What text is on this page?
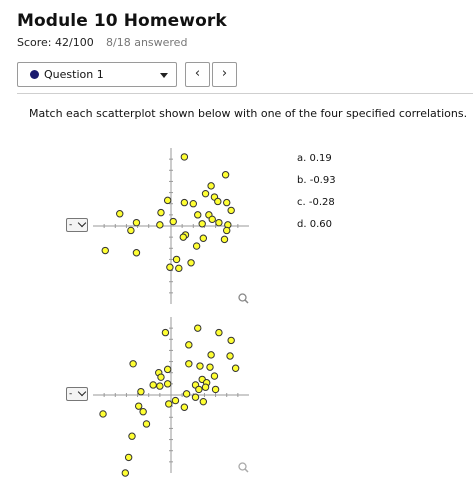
Module 10 Homework
Score: 42/100 8/18 answered
Question 1	‹	›
Match each scatterplot shown below with one of the four specified correlations.
a. 0.19
b. -0.93
c. -0.28
d. 0.60
-
-
